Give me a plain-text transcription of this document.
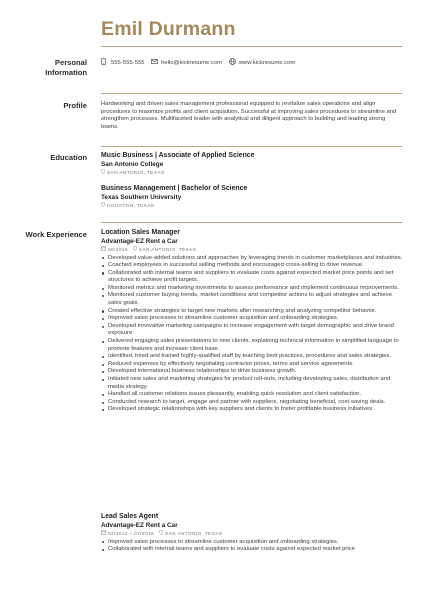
Emil Durmann
Personal
Information
555-555-555	hello@kickresume.com	www.kickresume.com
Profile Hardworking and driven sales management professional equipped to revitalize sales operations and align procedures to maximize profits and client acquisition. Successful at improving sales procedures to streamline and strengthen processes. Multifaceted leader with analytical and diligent approach to building and leading strong teams.
Education Music Business | Associate of Applied Science
San Antonio College
SAN ANTONIO, TEXAS
Business Management | Bachelor of Science
Texas Southern University
HOUSTON, TEXAS
Work Experience Location Sales Manager
Advantage-EZ Rent a Car
08/2016 SAN ANTONIO, TEXAS
Developed value-added solutions and approaches by leveraging trends in customer marketplaces and industries.
Coached employees in successful selling methods and encouraged cross-selling to drive revenue.
Collaborated with internal teams and suppliers to evaluate costs against expected market price points and set structures to achieve profit targets.
Monitored metrics and marketing investments to assess performance and implement continuous improvements.
Monitored customer buying trends, market conditions and competitor actions to adjust strategies and achieve sales goals.
Created effective strategies to target new markets after researching and analyzing competitor behavior.
Improved sales processes to streamline customer acquisition and onboarding strategies.
Developed innovative marketing campaigns to increase engagement with target demographic and drive brand exposure.
Delivered engaging sales presentations to new clients, explaining technical information in simplified language to promote features and increase client base.
Identified, hired and trained highly-qualified staff by teaching best practices, procedures and sales strategies.
Reduced expenses by effectively negotiating contractor prices, terms and service agreements.
Developed international business relationships to drive business growth.
Initiated new sales and marketing strategies for product roll-outs, including developing sales, distribution and media strategy.
Handled all customer relations issues pleasantly, enabling quick resolution and client satisfaction.
Conducted research to target, engage and partner with suppliers, negotiating beneficial, cost-saving deals.
Developed strategic relationships with key suppliers and clients to foster profitable business initiatives.
Lead Sales Agent
Advantage-EZ Rent a Car
02/2012 – 07/2016 SAN ANTONIO, TEXAS
Improved sales processes to streamline customer acquisition and onboarding strategies.
Collaborated with internal teams and suppliers to evaluate costs against expected market price
